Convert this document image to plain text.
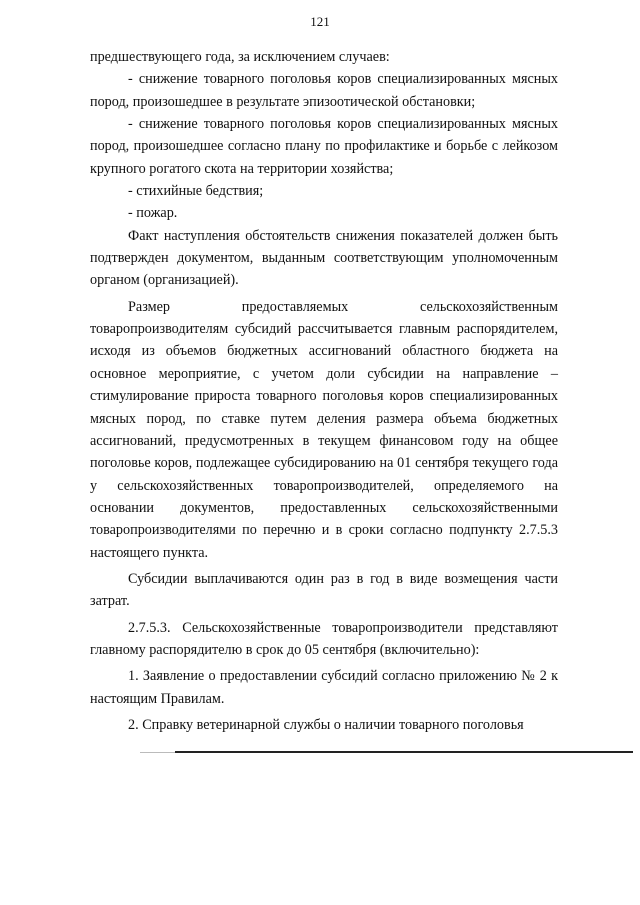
121

предшествующего года, за исключением случаев:

- снижение товарного поголовья коров специализированных мясных пород, произошедшее в результате эпизоотической обстановки;

- снижение товарного поголовья коров специализированных мясных пород, произошедшее согласно плану по профилактике и борьбе с лейкозом крупного рогатого скота на территории хозяйства;

- стихийные бедствия;

- пожар.

Факт наступления обстоятельств снижения показателей должен быть подтвержден документом, выданным соответствующим уполномоченным органом (организацией).

Размер предоставляемых сельскохозяйственным товаропроизводителям субсидий рассчитывается главным распорядителем, исходя из объемов бюджетных ассигнований областного бюджета на основное мероприятие, с учетом доли субсидии на направление – стимулирование прироста товарного поголовья коров специализированных мясных пород, по ставке путем деления размера объема бюджетных ассигнований, предусмотренных в текущем финансовом году на общее поголовье коров, подлежащее субсидированию на 01 сентября текущего года у сельскохозяйственных товаропроизводителей, определяемого на основании документов, предоставленных сельскохозяйственными товаропроизводителями по перечню и в сроки согласно подпункту 2.7.5.3 настоящего пункта.

Субсидии выплачиваются один раз в год в виде возмещения части затрат.

2.7.5.3. Сельскохозяйственные товаропроизводители представляют главному распорядителю в срок до 05 сентября (включительно):

1. Заявление о предоставлении субсидий согласно приложению № 2 к настоящим Правилам.

2. Справку ветеринарной службы о наличии товарного поголовья
